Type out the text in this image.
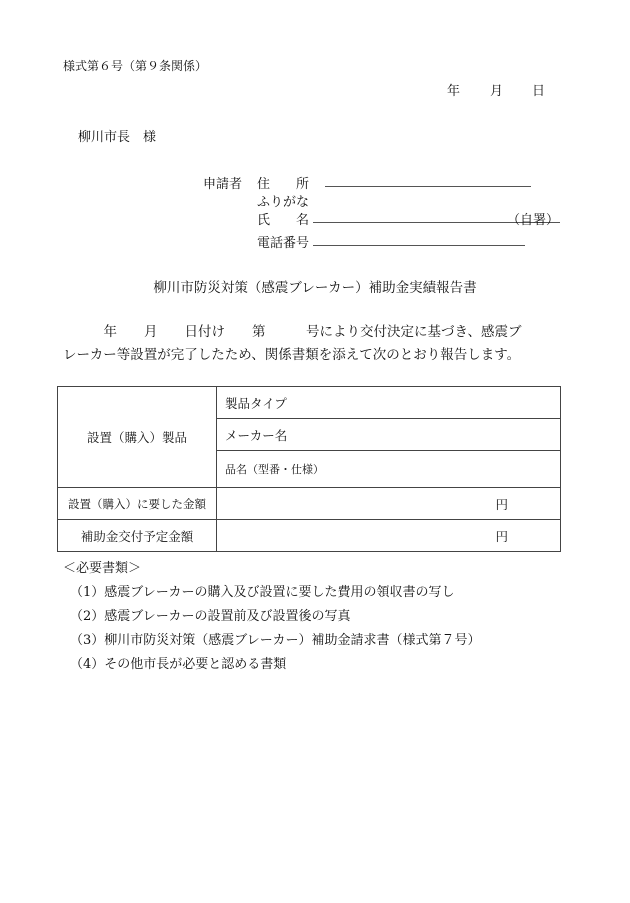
様式第６号（第９条関係）
年 月 日
柳川市長　様
申請者 住　　所
ふりがな
氏　　名	（自署）
電話番号
柳川市防災対策（感震ブレーカー）補助金実績報告書
　　　年　　月　　日付け　　第　　　号により交付決定に基づき、感震ブ
レーカー等設置が完了したため、関係書類を添えて次のとおり報告します。
設置（購入）製品	製品タイプ
	メーカー名
	品名（型番・仕様）
設置（購入）に要した金額	円
補助金交付予定金額	円
＜必要書類＞
（1）感震ブレーカーの購入及び設置に要した費用の領収書の写し
（2）感震ブレーカーの設置前及び設置後の写真
（3）柳川市防災対策（感震ブレーカー）補助金請求書（様式第７号）
（4）その他市長が必要と認める書類
